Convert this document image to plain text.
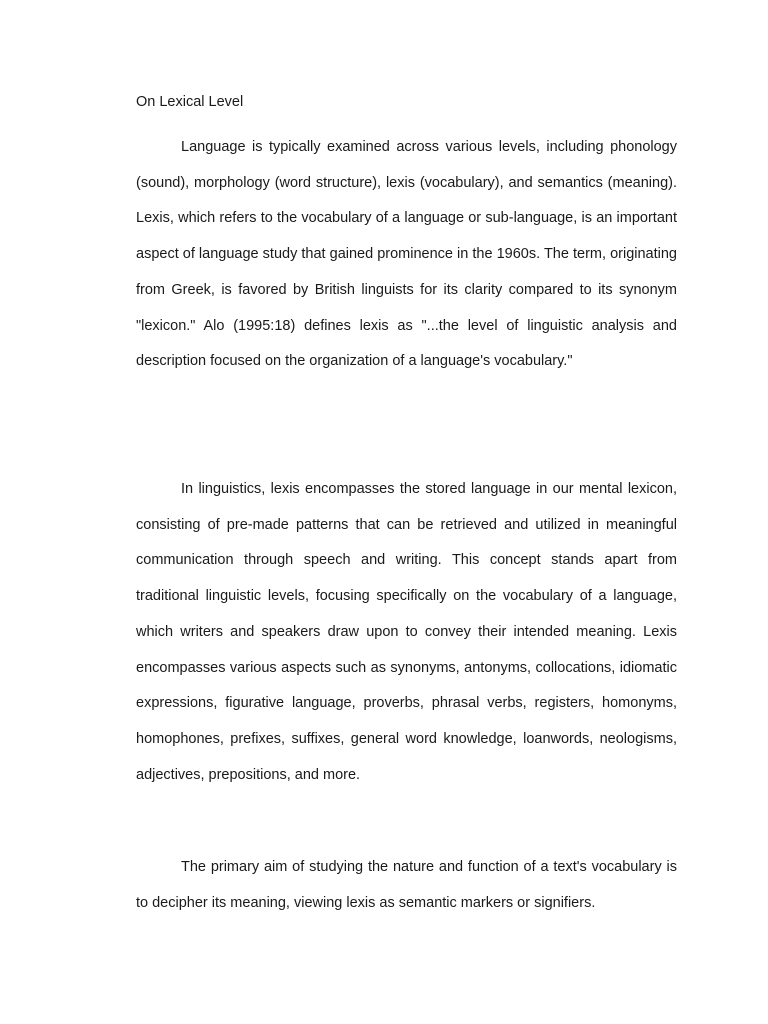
On Lexical Level

Language is typically examined across various levels, including phonology (sound), morphology (word structure), lexis (vocabulary), and semantics (meaning). Lexis, which refers to the vocabulary of a language or sub-language, is an important aspect of language study that gained prominence in the 1960s. The term, originating from Greek, is favored by British linguists for its clarity compared to its synonym "lexicon." Alo (1995:18) defines lexis as "...the level of linguistic analysis and description focused on the organization of a language's vocabulary."

In linguistics, lexis encompasses the stored language in our mental lexicon, consisting of pre-made patterns that can be retrieved and utilized in meaningful communication through speech and writing. This concept stands apart from traditional linguistic levels, focusing specifically on the vocabulary of a language, which writers and speakers draw upon to convey their intended meaning. Lexis encompasses various aspects such as synonyms, antonyms, collocations, idiomatic expressions, figurative language, proverbs, phrasal verbs, registers, homonyms, homophones, prefixes, suffixes, general word knowledge, loanwords, neologisms, adjectives, prepositions, and more.

The primary aim of studying the nature and function of a text's vocabulary is to decipher its meaning, viewing lexis as semantic markers or signifiers.
